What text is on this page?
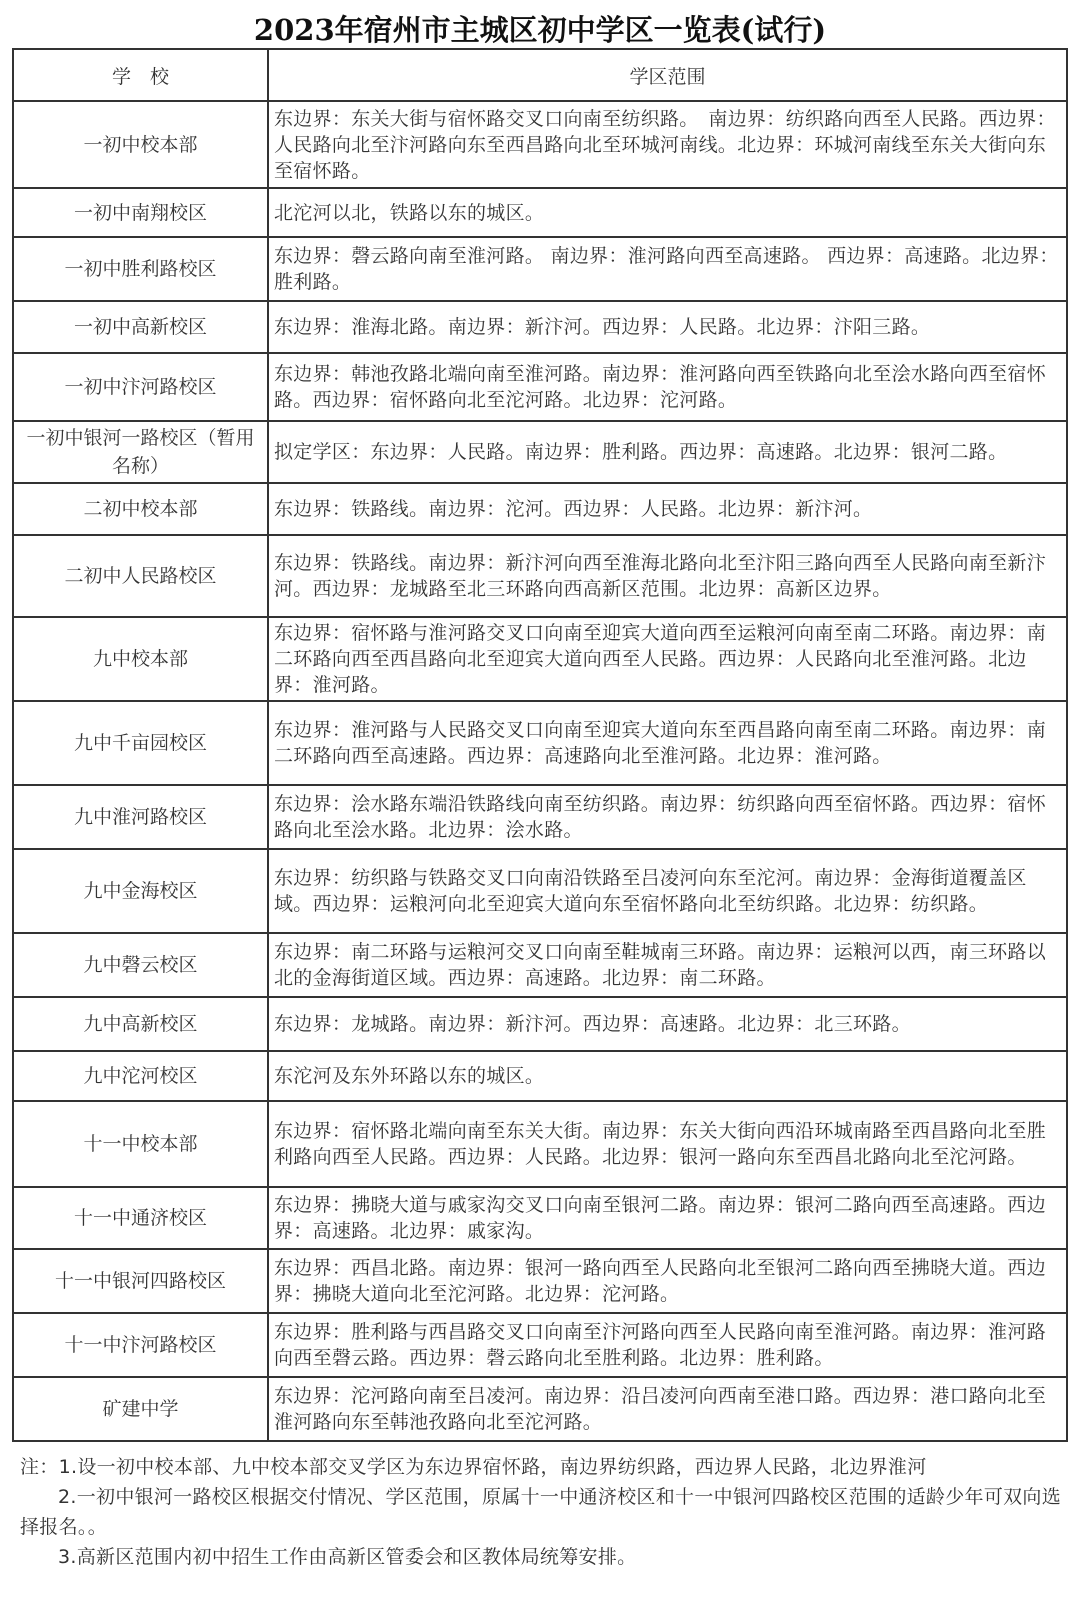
2023年宿州市主城区初中学区一览表(试行)
学　校	学区范围
一初中校本部	东边界：东关大街与宿怀路交叉口向南至纺织路。　南边界：纺织路向西至人民路。西边界：人民路向北至汴河路向东至西昌路向北至环城河南线。北边界：环城河南线至东关大街向东至宿怀路。
一初中南翔校区	北沱河以北，铁路以东的城区。
一初中胜利路校区	东边界：磬云路向南至淮河路。 南边界：淮河路向西至高速路。 西边界：高速路。北边界：胜利路。
一初中高新校区	东边界：淮海北路。南边界：新汴河。西边界：人民路。北边界：汴阳三路。
一初中汴河路校区	东边界：韩池孜路北端向南至淮河路。南边界：淮河路向西至铁路向北至浍水路向西至宿怀路。西边界：宿怀路向北至沱河路。北边界：沱河路。
一初中银河一路校区（暂用名称）	拟定学区：东边界：人民路。南边界：胜利路。西边界：高速路。北边界：银河二路。
二初中校本部	东边界：铁路线。南边界：沱河。西边界：人民路。北边界：新汴河。
二初中人民路校区	东边界：铁路线。南边界：新汴河向西至淮海北路向北至汴阳三路向西至人民路向南至新汴河。西边界：龙城路至北三环路向西高新区范围。北边界：高新区边界。
九中校本部	东边界：宿怀路与淮河路交叉口向南至迎宾大道向西至运粮河向南至南二环路。南边界：南二环路向西至西昌路向北至迎宾大道向西至人民路。西边界：人民路向北至淮河路。北边界：淮河路。
九中千亩园校区	东边界：淮河路与人民路交叉口向南至迎宾大道向东至西昌路向南至南二环路。南边界：南二环路向西至高速路。西边界：高速路向北至淮河路。北边界：淮河路。
九中淮河路校区	东边界：浍水路东端沿铁路线向南至纺织路。南边界：纺织路向西至宿怀路。西边界：宿怀路向北至浍水路。北边界：浍水路。
九中金海校区	东边界：纺织路与铁路交叉口向南沿铁路至吕凌河向东至沱河。南边界：金海街道覆盖区域。西边界：运粮河向北至迎宾大道向东至宿怀路向北至纺织路。北边界：纺织路。
九中磬云校区	东边界：南二环路与运粮河交叉口向南至鞋城南三环路。南边界：运粮河以西，南三环路以北的金海街道区域。西边界：高速路。北边界：南二环路。
九中高新校区	东边界：龙城路。南边界：新汴河。西边界：高速路。北边界：北三环路。
九中沱河校区	东沱河及东外环路以东的城区。
十一中校本部	东边界：宿怀路北端向南至东关大街。南边界：东关大街向西沿环城南路至西昌路向北至胜利路向西至人民路。西边界：人民路。北边界：银河一路向东至西昌北路向北至沱河路。
十一中通济校区	东边界：拂晓大道与戚家沟交叉口向南至银河二路。南边界：银河二路向西至高速路。西边界：高速路。北边界：戚家沟。
十一中银河四路校区	东边界：西昌北路。南边界：银河一路向西至人民路向北至银河二路向西至拂晓大道。西边界：拂晓大道向北至沱河路。北边界：沱河路。
十一中汴河路校区	东边界：胜利路与西昌路交叉口向南至汴河路向西至人民路向南至淮河路。南边界：淮河路向西至磬云路。西边界：磬云路向北至胜利路。北边界：胜利路。
矿建中学	东边界：沱河路向南至吕凌河。南边界：沿吕凌河向西南至港口路。西边界：港口路向北至淮河路向东至韩池孜路向北至沱河路。

注：1.设一初中校本部、九中校本部交叉学区为东边界宿怀路，南边界纺织路，西边界人民路，北边界淮河

2.一初中银河一路校区根据交付情况、学区范围，原属十一中通济校区和十一中银河四路校区范围的适龄少年可双向选择报名。。

3.高新区范围内初中招生工作由高新区管委会和区教体局统筹安排。
